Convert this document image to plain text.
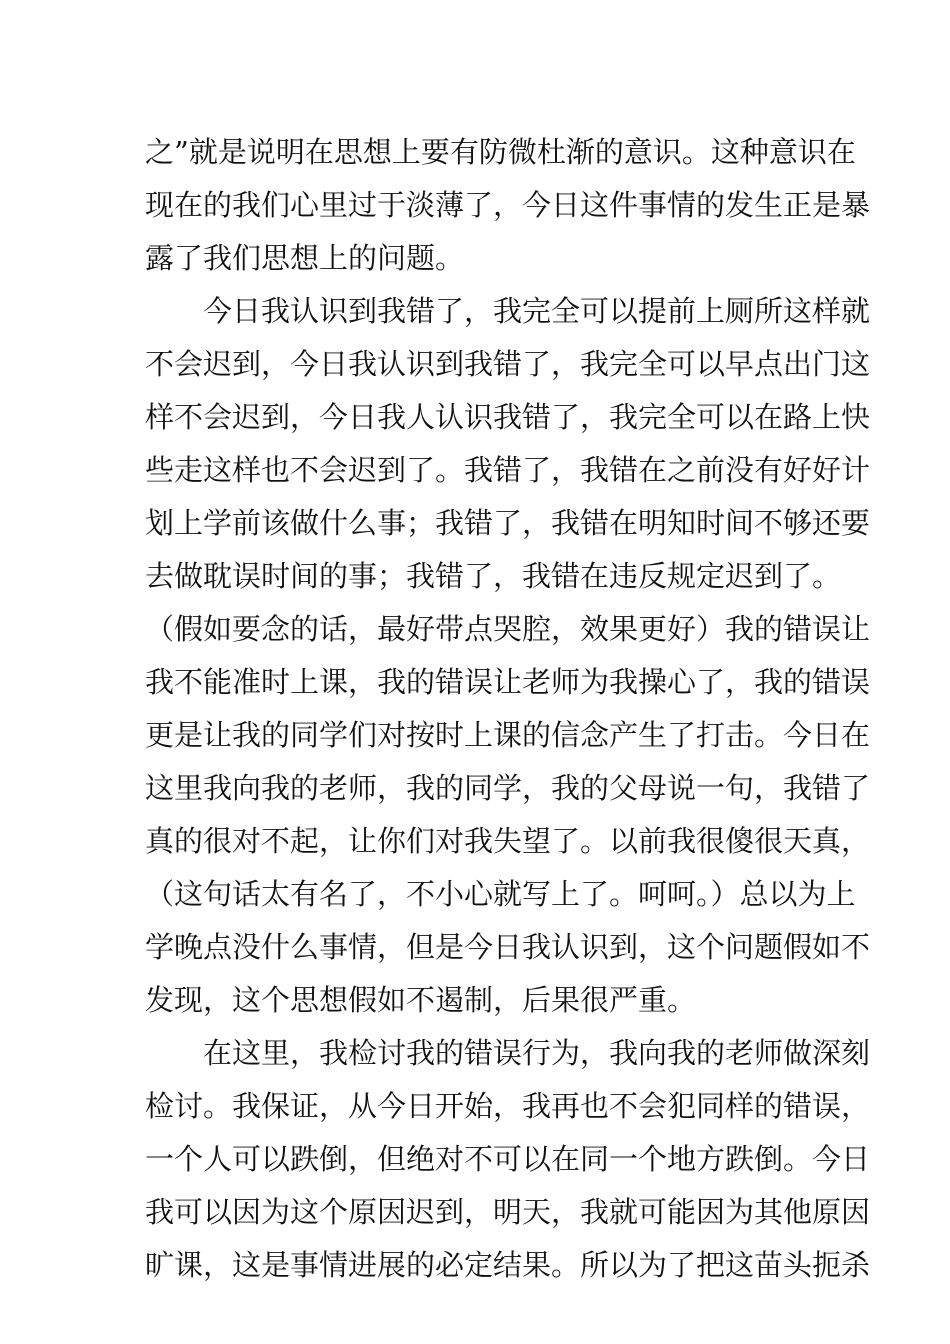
之”就是说明在思想上要有防微杜渐的意识。这种意识在
现在的我们心里过于淡薄了，今日这件事情的发生正是暴
露了我们思想上的问题。
今日我认识到我错了，我完全可以提前上厕所这样就
不会迟到，今日我认识到我错了，我完全可以早点出门这
样不会迟到，今日我人认识我错了，我完全可以在路上快
些走这样也不会迟到了。我错了，我错在之前没有好好计
划上学前该做什么事；我错了，我错在明知时间不够还要
去做耽误时间的事；我错了，我错在违反规定迟到了。
（假如要念的话，最好带点哭腔，效果更好）我的错误让
我不能准时上课，我的错误让老师为我操心了，我的错误
更是让我的同学们对按时上课的信念产生了打击。今日在
这里我向我的老师，我的同学，我的父母说一句，我错了
真的很对不起，让你们对我失望了。以前我很傻很天真，
（这句话太有名了，不小心就写上了。呵呵。）总以为上
学晚点没什么事情，但是今日我认识到，这个问题假如不
发现，这个思想假如不遏制，后果很严重。
在这里，我检讨我的错误行为，我向我的老师做深刻
检讨。我保证，从今日开始，我再也不会犯同样的错误，
一个人可以跌倒，但绝对不可以在同一个地方跌倒。今日
我可以因为这个原因迟到，明天，我就可能因为其他原因
旷课，这是事情进展的必定结果。所以为了把这苗头扼杀
